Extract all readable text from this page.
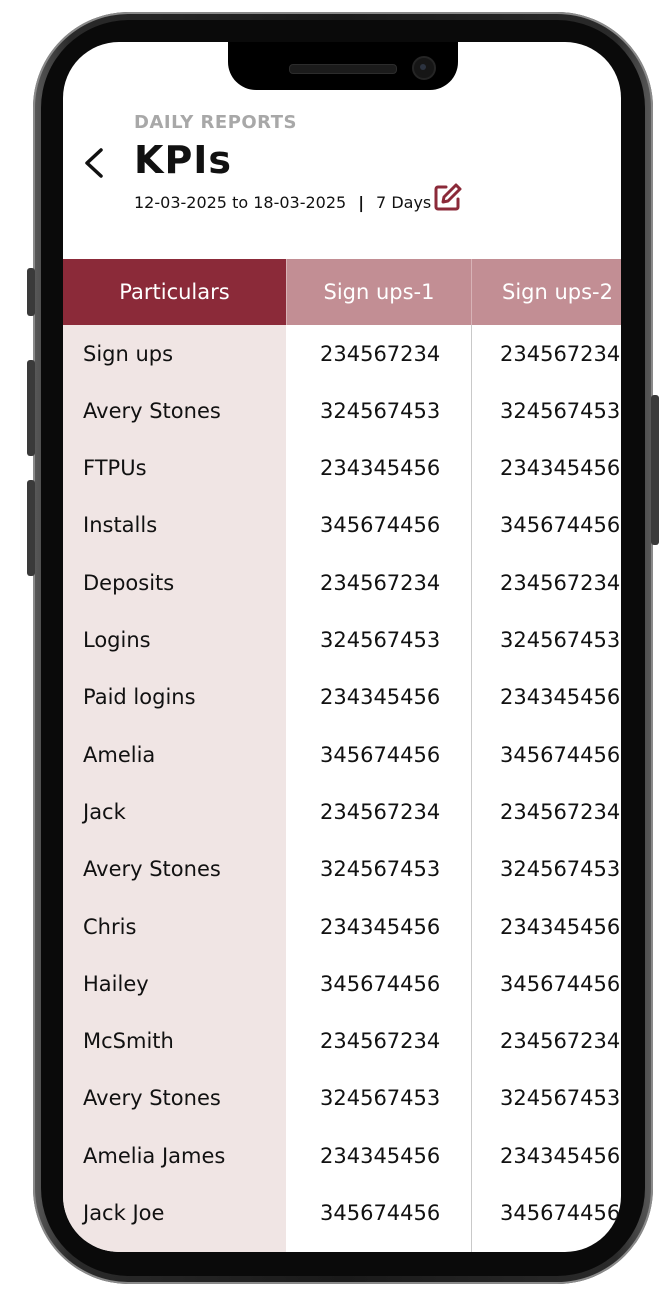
DAILY REPORTS
KPIs
12-03-2025 to 18-03-2025 | 7 Days
Particulars	Sign ups-1	Sign ups-2
Sign ups	234567234	234567234
Avery Stones	324567453	324567453
FTPUs	234345456	234345456
Installs	345674456	345674456
Deposits	234567234	234567234
Logins	324567453	324567453
Paid logins	234345456	234345456
Amelia	345674456	345674456
Jack	234567234	234567234
Avery Stones	324567453	324567453
Chris	234345456	234345456
Hailey	345674456	345674456
McSmith	234567234	234567234
Avery Stones	324567453	324567453
Amelia James	234345456	234345456
Jack Joe	345674456	345674456
